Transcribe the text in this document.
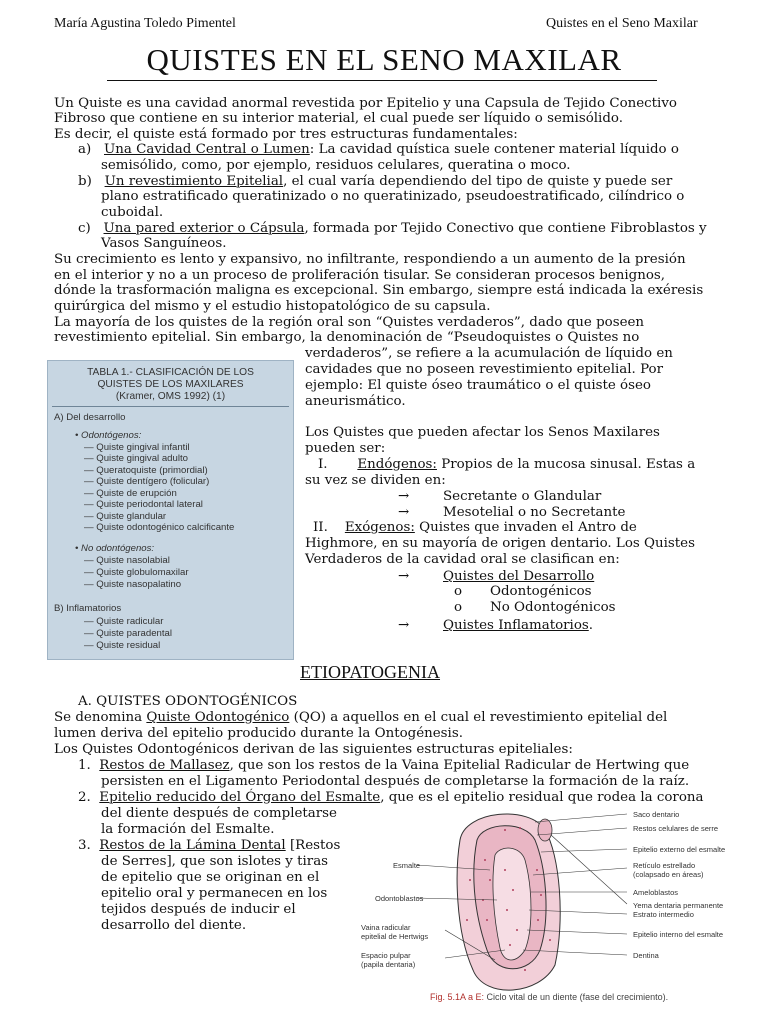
María Agustina Toledo Pimentel	Quistes en el Seno Maxilar
QUISTES EN EL SENO MAXILAR
Un Quiste es una cavidad anormal revestida por Epitelio y una Capsula de Tejido Conectivo
Fibroso que contiene en su interior material, el cual puede ser líquido o semisólido.
Es decir, el quiste está formado por tres estructuras fundamentales:
a) Una Cavidad Central o Lumen: La cavidad quística suele contener material líquido o
semisólido, como, por ejemplo, residuos celulares, queratina o moco.
b) Un revestimiento Epitelial, el cual varía dependiendo del tipo de quiste y puede ser
plano estratificado queratinizado o no queratinizado, pseudoestratificado, cilíndrico o
cuboidal.
c) Una pared exterior o Cápsula, formada por Tejido Conectivo que contiene Fibroblastos y
Vasos Sanguíneos.
Su crecimiento es lento y expansivo, no infiltrante, respondiendo a un aumento de la presión
en el interior y no a un proceso de proliferación tisular. Se consideran procesos benignos,
dónde la trasformación maligna es excepcional. Sin embargo, siempre está indicada la exéresis
quirúrgica del mismo y el estudio histopatológico de su capsula.
La mayoría de los quistes de la región oral son “Quistes verdaderos”, dado que poseen
revestimiento epitelial. Sin embargo, la denominación de “Pseudoquistes o Quistes no
TABLA 1.- CLASIFICACIÓN DE LOS
QUISTES DE LOS MAXILARES
(Kramer, OMS 1992) (1)
A) Del desarrollo
• Odontógenos:
— Quiste gingival infantil
— Quiste gingival adulto
— Queratoquiste (primordial)
— Quiste dentígero (folicular)
— Quiste de erupción
— Quiste periodontal lateral
— Quiste glandular
— Quiste odontogénico calcificante
• No odontógenos:
— Quiste nasolabial
— Quiste globulomaxilar
— Quiste nasopalatino
B) Inflamatorios
— Quiste radicular
— Quiste paradental
— Quiste residual
verdaderos”, se refiere a la acumulación de líquido en
cavidades que no poseen revestimiento epitelial. Por
ejemplo: El quiste óseo traumático o el quiste óseo
aneurismático.
Los Quistes que pueden afectar los Senos Maxilares
pueden ser:
I. Endógenos: Propios de la mucosa sinusal. Estas a
su vez se dividen en:
→	Secretante o Glandular
→	Mesotelial o no Secretante
II. Exógenos: Quistes que invaden el Antro de
Highmore, en su mayoría de origen dentario. Los Quistes
Verdaderos de la cavidad oral se clasifican en:
→	Quistes del Desarrollo
o Odontogénicos
o No Odontogénicos
→	Quistes Inflamatorios.
ETIOPATOGENIA
A. QUISTES ODONTOGÉNICOS
Se denomina Quiste Odontogénico (QO) a aquellos en el cual el revestimiento epitelial del
lumen deriva del epitelio producido durante la Ontogénesis.
Los Quistes Odontogénicos derivan de las siguientes estructuras epiteliales:
1. Restos de Mallasez, que son los restos de la Vaina Epitelial Radicular de Hertwing que
persisten en el Ligamento Periodontal después de completarse la formación de la raíz.
2. Epitelio reducido del Órgano del Esmalte, que es el epitelio residual que rodea la corona
del diente después de completarse
la formación del Esmalte.
3. Restos de la Lámina Dental [Restos
de Serres], que son islotes y tiras
de epitelio que se originan en el
epitelio oral y permanecen en los
tejidos después de inducir el
desarrollo del diente.
Saco dentario
Restos celulares de serre
Epitelio externo del esmalte
Retículo estrellado
(colapsado en áreas)
Ameloblastos
Yema dentaria permanente
Estrato intermedio
Epitelio interno del esmalte
Dentina
Esmalte
Odontoblastos
Vaina radicular
epitelial de Hertwigs
Espacio pulpar
(papila dentaria)
Fig. 5.1A a E: Ciclo vital de un diente (fase del crecimiento).
